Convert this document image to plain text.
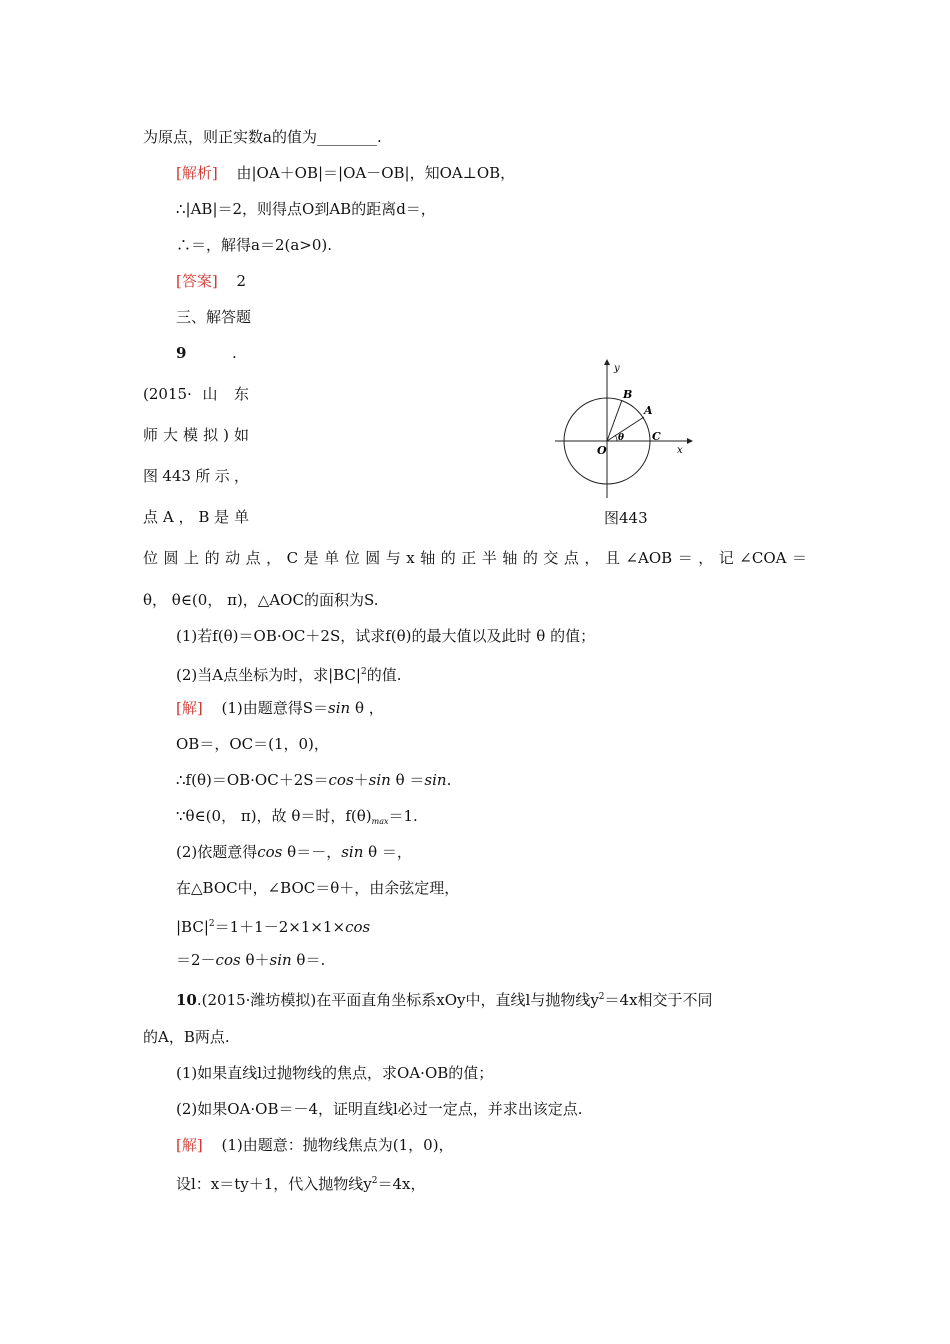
为原点，则正实数a的值为________.
[解析] 由|OA＋OB|＝|OA－OB|，知OA⊥OB，
∴|AB|＝2，则得点O到AB的距离d＝，
∴＝，解得a＝2(a>0).
[答案] 2
三、解答题
9	.
(2015· 山 东
师大模拟)如
图443所示，
点A，B是单
y
x
O
B
A
C
θ
图443
位圆上的动点，C是单位圆与x轴的正半轴的交点，且∠AOB＝，记∠COA＝
θ， θ∈(0， π)，△AOC的面积为S.
(1)若f(θ)＝OB·OC＋2S，试求f(θ)的最大值以及此时 θ 的值；
(2)当A点坐标为时，求$|BC|^2$的值.
[解] (1)由题意得S＝sin θ ，
OB＝，OC＝(1，0)，
∴f(θ)＝OB·OC＋2S＝cos＋sin θ ＝sin.
∵θ∈(0， π)，故 θ＝时，$f(\theta)_{max}=1$.
(2)依题意得cos θ＝－，sin θ ＝，
在△BOC中，∠BOC＝θ＋，由余弦定理，
$|BC|^2=1+1-2\times 1\times 1\times\cos$
＝2－cos θ＋sin θ＝.
10.(2015·潍坊模拟)在平面直角坐标系xOy中，直线l与抛物线$y^2=4x$相交于不同
的A，B两点.
(1)如果直线l过抛物线的焦点，求OA·OB的值；
(2)如果OA·OB＝－4，证明直线l必过一定点，并求出该定点.
[解] (1)由题意：抛物线焦点为(1，0)，
设l：x＝ty＋1，代入抛物线$y^2=4x$，
